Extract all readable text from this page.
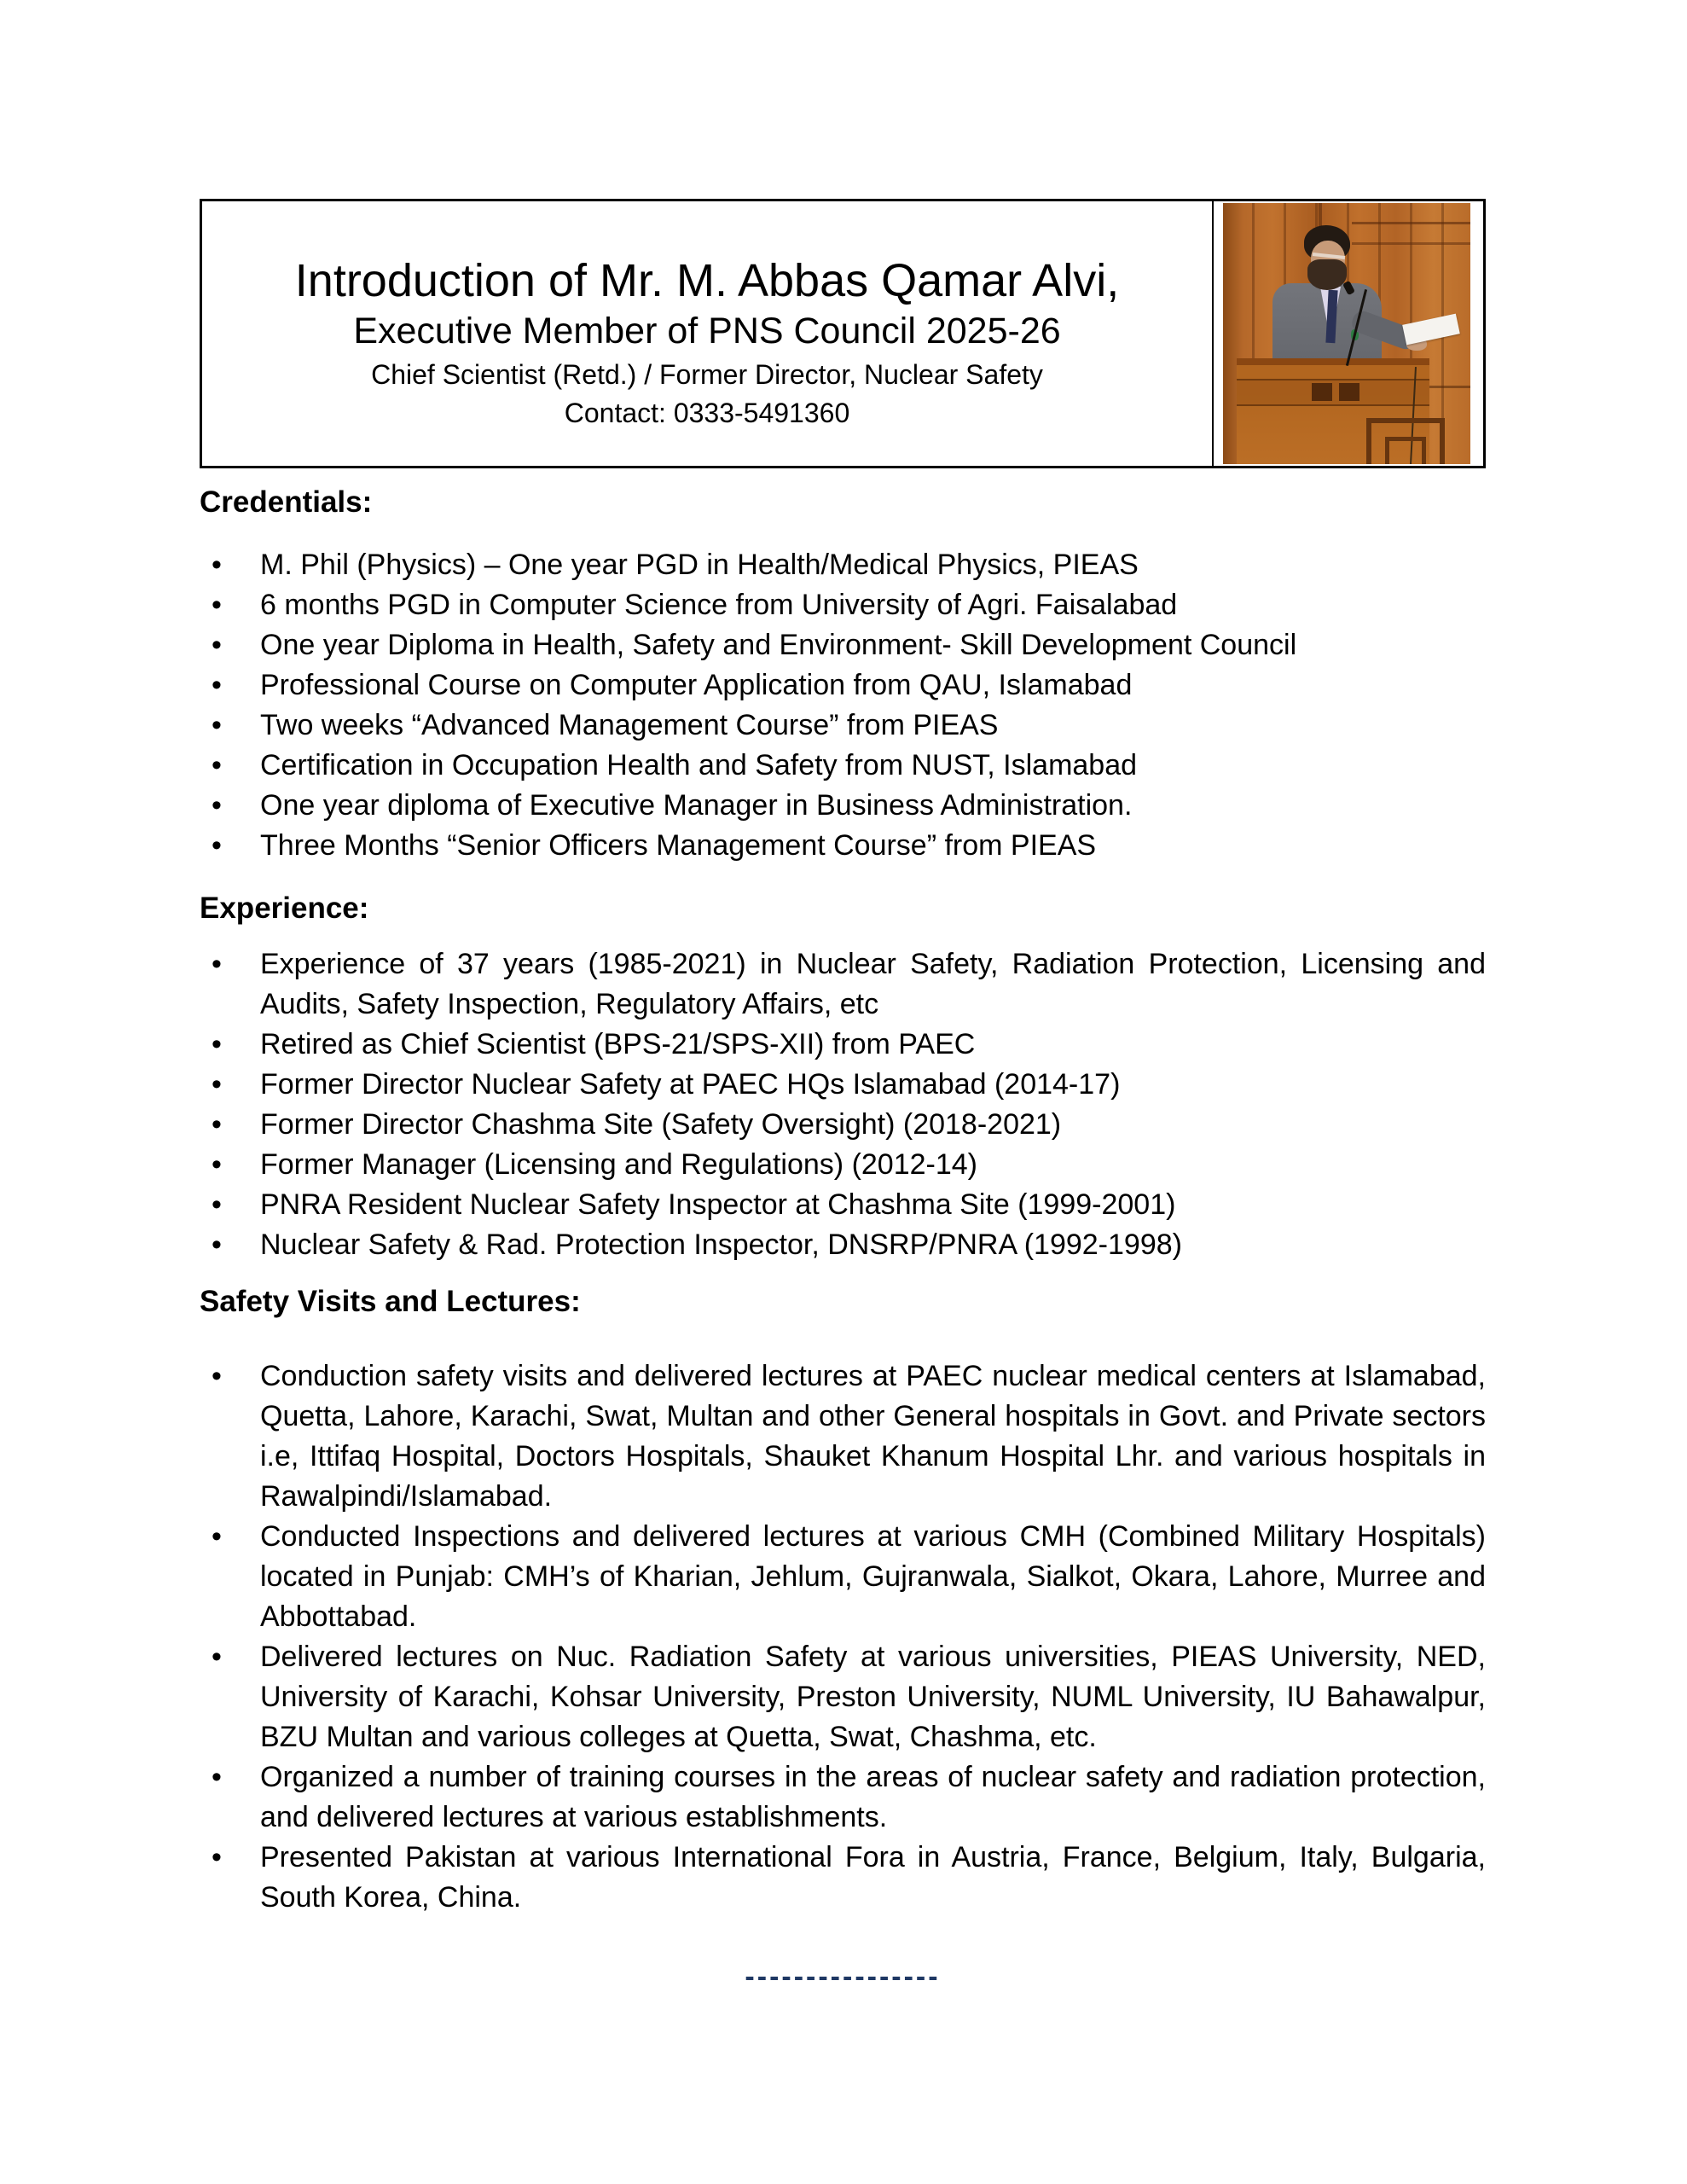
Introduction of Mr. M. Abbas Qamar Alvi,
Executive Member of PNS Council 2025-26
Chief Scientist (Retd.) / Former Director, Nuclear Safety
Contact: 0333-5491360
Credentials:
• M. Phil (Physics) – One year PGD in Health/Medical Physics, PIEAS
• 6 months PGD in Computer Science from University of Agri. Faisalabad
• One year Diploma in Health, Safety and Environment- Skill Development Council
• Professional Course on Computer Application from QAU, Islamabad
• Two weeks “Advanced Management Course” from PIEAS
• Certification in Occupation Health and Safety from NUST, Islamabad
• One year diploma of Executive Manager in Business Administration.
• Three Months “Senior Officers Management Course” from PIEAS
Experience:
• Experience of 37 years (1985-2021) in Nuclear Safety, Radiation Protection, Licensing and Audits, Safety Inspection, Regulatory Affairs, etc
• Retired as Chief Scientist (BPS-21/SPS-XII) from PAEC
• Former Director Nuclear Safety at PAEC HQs Islamabad (2014-17)
• Former Director Chashma Site (Safety Oversight) (2018-2021)
• Former Manager (Licensing and Regulations) (2012-14)
• PNRA Resident Nuclear Safety Inspector at Chashma Site (1999-2001)
• Nuclear Safety & Rad. Protection Inspector, DNSRP/PNRA (1992-1998)
Safety Visits and Lectures:
• Conduction safety visits and delivered lectures at PAEC nuclear medical centers at Islamabad, Quetta, Lahore, Karachi, Swat, Multan and other General hospitals in Govt. and Private sectors i.e, Ittifaq Hospital, Doctors Hospitals, Shauket Khanum Hospital Lhr. and various hospitals in Rawalpindi/Islamabad.
• Conducted Inspections and delivered lectures at various CMH (Combined Military Hospitals) located in Punjab: CMH’s of Kharian, Jehlum, Gujranwala, Sialkot, Okara, Lahore, Murree and Abbottabad.
• Delivered lectures on Nuc. Radiation Safety at various universities, PIEAS University, NED, University of Karachi, Kohsar University, Preston University, NUML University, IU Bahawalpur, BZU Multan and various colleges at Quetta, Swat, Chashma, etc.
• Organized a number of training courses in the areas of nuclear safety and radiation protection, and delivered lectures at various establishments.
• Presented Pakistan at various International Fora in Austria, France, Belgium, Italy, Bulgaria, South Korea, China.
----------------
